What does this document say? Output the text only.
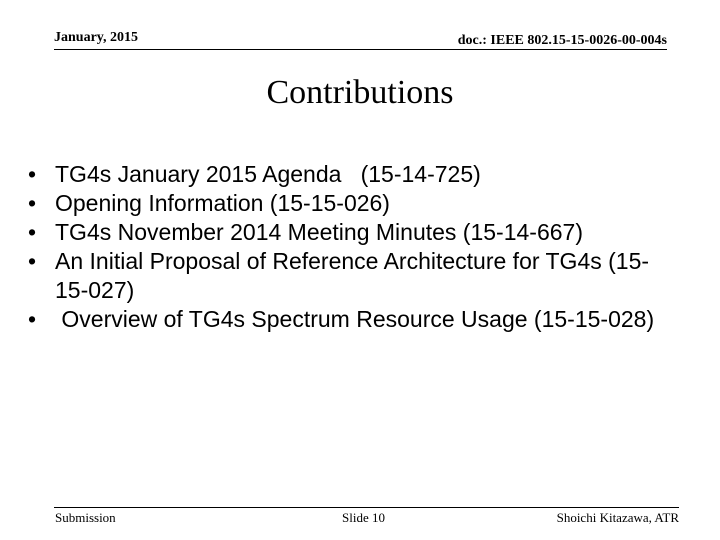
January, 2015	doc.: IEEE 802.15-15-0026-00-004s
Contributions
• TG4s January 2015 Agenda   (15-14-725)
• Opening Information (15-15-026)
• TG4s November 2014 Meeting Minutes (15-14-667)
• An Initial Proposal of Reference Architecture for TG4s (15-15-027)
• Overview of TG4s Spectrum Resource Usage (15-15-028)
Submission	Slide 10	Shoichi Kitazawa, ATR
